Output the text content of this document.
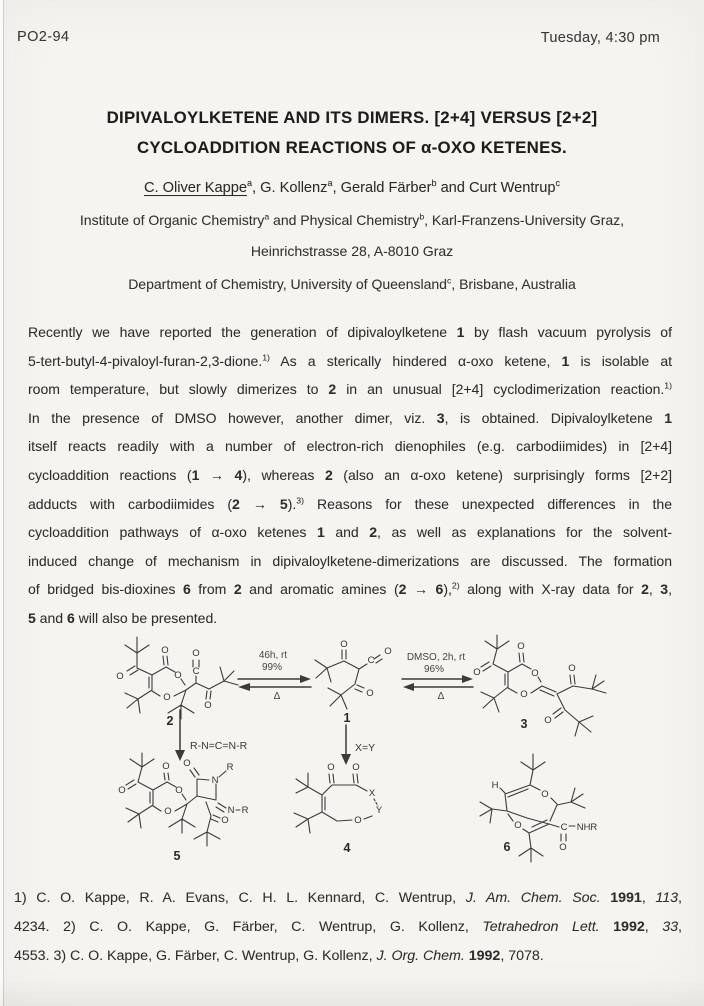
PO2-94	Tuesday, 4:30 pm
DIPIVALOYLKETENE AND ITS DIMERS. [2+4] VERSUS [2+2]
CYCLOADDITION REACTIONS OF α-OXO KETENES.
C. Oliver Kappe$^a$, G. Kollenz$^a$, Gerald Färber$^b$ and Curt Wentrup$^c$
Institute of Organic Chemistry$^a$ and Physical Chemistry$^b$, Karl-Franzens-University Graz,
Heinrichstrasse 28, A-8010 Graz
Department of Chemistry, University of Queensland$^c$, Brisbane, Australia
Recently we have reported the generation of dipivaloylketene 1 by flash vacuum pyrolysis of
5-tert-butyl-4-pivaloyl-furan-2,3-dione.$^{1)}$ As a sterically hindered α-oxo ketene, 1 is isolable at
room temperature, but slowly dimerizes to 2 in an unusual [2+4] cyclodimerization reaction.$^{1)}$
In the presence of DMSO however, another dimer, viz. 3, is obtained. Dipivaloylketene 1
itself reacts readily with a number of electron-rich dienophiles (e.g. carbodiimides) in [2+4]
cycloaddition reactions (1 → 4), whereas 2 (also an α-oxo ketene) surprisingly forms [2+2]
adducts with carbodiimides (2 → 5).$^{3)}$ Reasons for these unexpected differences in the
cycloaddition pathways of α-oxo ketenes 1 and 2, as well as explanations for the solvent-
induced change of mechanism in dipivaloylketene-dimerizations are discussed. The formation
of bridged bis-dioxines 6 from 2 and aromatic amines (2 → 6),$^{2)}$ along with X-ray data for 2, 3,
5 and 6 will also be presented.
O
O
O
O
C
O
O
2
46h, rt
99%
Δ
O
C
O
O
1
DMSO, 2h, rt
96%
Δ
O
O	O
O
O
O
3
R-N=C=N-R	X=Y
O
O
O
O
O
N
R
N R
O
5
O O
X
Y
O
4
H
O
O	C
O
NHR
6
1) C. O. Kappe, R. A. Evans, C. H. L. Kennard, C. Wentrup, J. Am. Chem. Soc. 1991, 113,
4234. 2) C. O. Kappe, G. Färber, C. Wentrup, G. Kollenz, Tetrahedron Lett. 1992, 33,
4553. 3) C. O. Kappe, G. Färber, C. Wentrup, G. Kollenz, J. Org. Chem. 1992, 7078.
